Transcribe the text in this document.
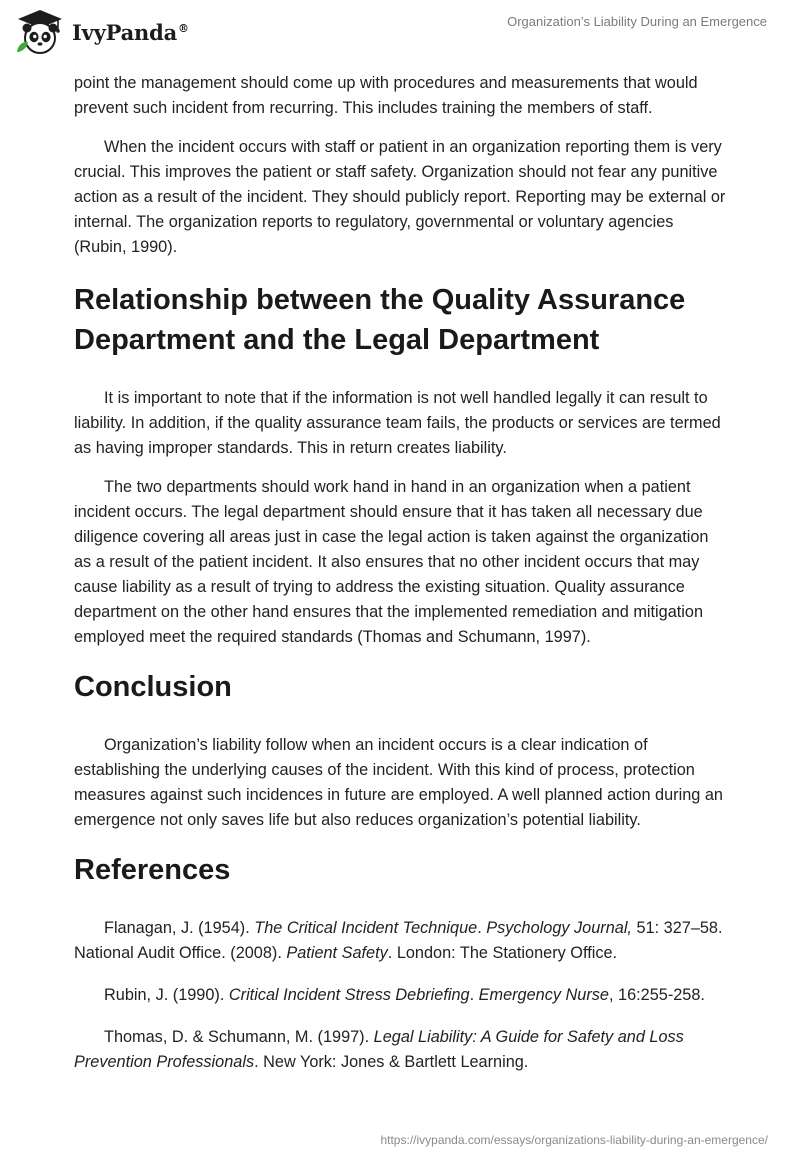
IvyPanda®	Organization’s Liability During an Emergence

point the management should come up with procedures and measurements that would prevent such incident from recurring. This includes training the members of staff.

When the incident occurs with staff or patient in an organization reporting them is very crucial. This improves the patient or staff safety. Organization should not fear any punitive action as a result of the incident. They should publicly report. Reporting may be external or internal. The organization reports to regulatory, governmental or voluntary agencies (Rubin, 1990).

Relationship between the Quality Assurance Department and the Legal Department

It is important to note that if the information is not well handled legally it can result to liability. In addition, if the quality assurance team fails, the products or services are termed as having improper standards. This in return creates liability.

The two departments should work hand in hand in an organization when a patient incident occurs. The legal department should ensure that it has taken all necessary due diligence covering all areas just in case the legal action is taken against the organization as a result of the patient incident. It also ensures that no other incident occurs that may cause liability as a result of trying to address the existing situation. Quality assurance department on the other hand ensures that the implemented remediation and mitigation employed meet the required standards (Thomas and Schumann, 1997).

Conclusion

Organization’s liability follow when an incident occurs is a clear indication of establishing the underlying causes of the incident. With this kind of process, protection measures against such incidences in future are employed. A well planned action during an emergence not only saves life but also reduces organization’s potential liability.

References

Flanagan, J. (1954). The Critical Incident Technique. Psychology Journal, 51: 327–58. National Audit Office. (2008). Patient Safety. London: The Stationery Office.

Rubin, J. (1990). Critical Incident Stress Debriefing. Emergency Nurse, 16:255-258.

Thomas, D. & Schumann, M. (1997). Legal Liability: A Guide for Safety and Loss Prevention Professionals. New York: Jones & Bartlett Learning.

https://ivypanda.com/essays/organizations-liability-during-an-emergence/
